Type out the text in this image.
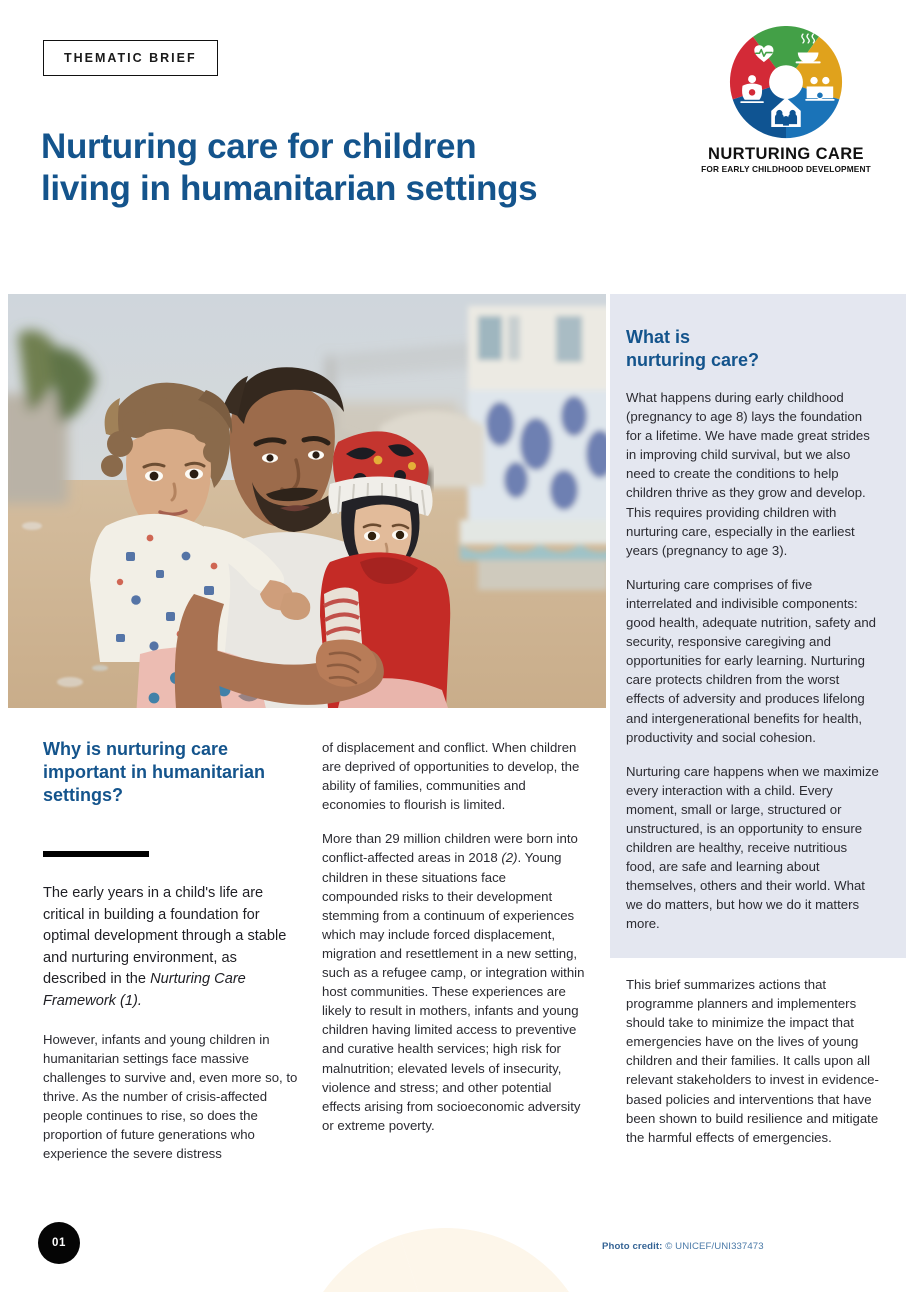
THEMATIC BRIEF
Nurturing care for children living in humanitarian settings
NURTURING CARE
FOR EARLY CHILDHOOD DEVELOPMENT
What is
nurturing care?

What happens during early childhood (pregnancy to age 8) lays the foundation for a lifetime. We have made great strides in improving child survival, but we also need to create the conditions to help children thrive as they grow and develop. This requires providing children with nurturing care, especially in the earliest years (pregnancy to age 3).

Nurturing care comprises of five interrelated and indivisible components: good health, adequate nutrition, safety and security, responsive caregiving and opportunities for early learning. Nurturing care protects children from the worst effects of adversity and produces lifelong and intergenerational benefits for health, productivity and social cohesion.

Nurturing care happens when we maximize every interaction with a child. Every moment, small or large, structured or unstructured, is an opportunity to ensure children are healthy, receive nutritious food, are safe and learning about themselves, others and their world. What we do matters, but how we do it matters more.

This brief summarizes actions that programme planners and implementers should take to minimize the impact that emergencies have on the lives of young children and their families. It calls upon all relevant stakeholders to invest in evidence-based policies and interventions that have been shown to build resilience and mitigate the harmful effects of emergencies.

Why is nurturing care important in humanitarian settings?

The early years in a child's life are critical in building a foundation for optimal development through a stable and nurturing environment, as described in the Nurturing Care Framework (1).

However, infants and young children in humanitarian settings face massive challenges to survive and, even more so, to thrive. As the number of crisis-affected people continues to rise, so does the proportion of future generations who experience the severe distress

of displacement and conflict. When children are deprived of opportunities to develop, the ability of families, communities and economies to flourish is limited.

More than 29 million children were born into conflict-affected areas in 2018 (2). Young children in these situations face compounded risks to their development stemming from a continuum of experiences which may include forced displacement, migration and resettlement in a new setting, such as a refugee camp, or integration within host communities. These experiences are likely to result in mothers, infants and young children having limited access to preventive and curative health services; high risk for malnutrition; elevated levels of insecurity, violence and stress; and other potential effects arising from socioeconomic adversity or extreme poverty.

01	Photo credit: © UNICEF/UNI337473
